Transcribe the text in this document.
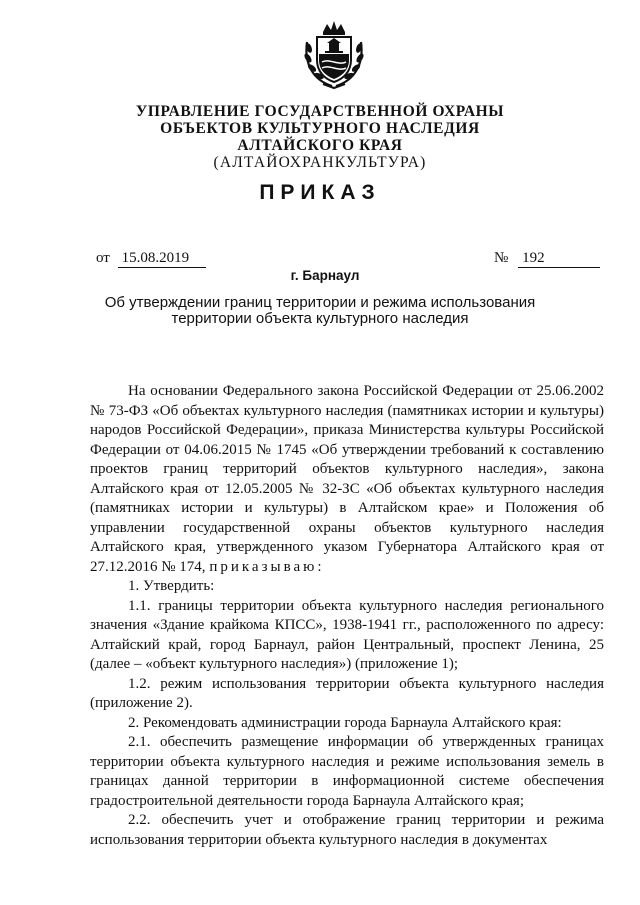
УПРАВЛЕНИЕ ГОСУДАРСТВЕННОЙ ОХРАНЫ
ОБЪЕКТОВ КУЛЬТУРНОГО НАСЛЕДИЯ
АЛТАЙСКОГО КРАЯ
(АЛТАЙОХРАНКУЛЬТУРА)
ПРИКАЗ
от 15.08.2019	№ 192
г. Барнаул
Об утверждении границ территории и режима использования
территории объекта культурного наследия

На основании Федерального закона Российской Федерации от 25.06.2002 № 73-ФЗ «Об объектах культурного наследия (памятниках истории и культуры) народов Российской Федерации», приказа Министерства культуры Российской Федерации от 04.06.2015 № 1745 «Об утверждении требований к составлению проектов границ территорий объектов культурного наследия», закона Алтайского края от 12.05.2005 № 32-ЗС «Об объектах культурного наследия (памятниках истории и культуры) в Алтайском крае» и Положения об управлении государственной охраны объектов культурного наследия Алтайского края, утвержденного указом Губернатора Алтайского края от 27.12.2016 № 174, приказываю:

1. Утвердить:

1.1. границы территории объекта культурного наследия регионального значения «Здание крайкома КПСС», 1938-1941 гг., расположенного по адресу: Алтайский край, город Барнаул, район Центральный, проспект Ленина, 25 (далее – «объект культурного наследия») (приложение 1);

1.2. режим использования территории объекта культурного наследия (приложение 2).

2. Рекомендовать администрации города Барнаула Алтайского края:

2.1. обеспечить размещение информации об утвержденных границах территории объекта культурного наследия и режиме использования земель в границах данной территории в информационной системе обеспечения градостроительной деятельности города Барнаула Алтайского края;

2.2. обеспечить учет и отображение границ территории и режима использования территории объекта культурного наследия в документах
